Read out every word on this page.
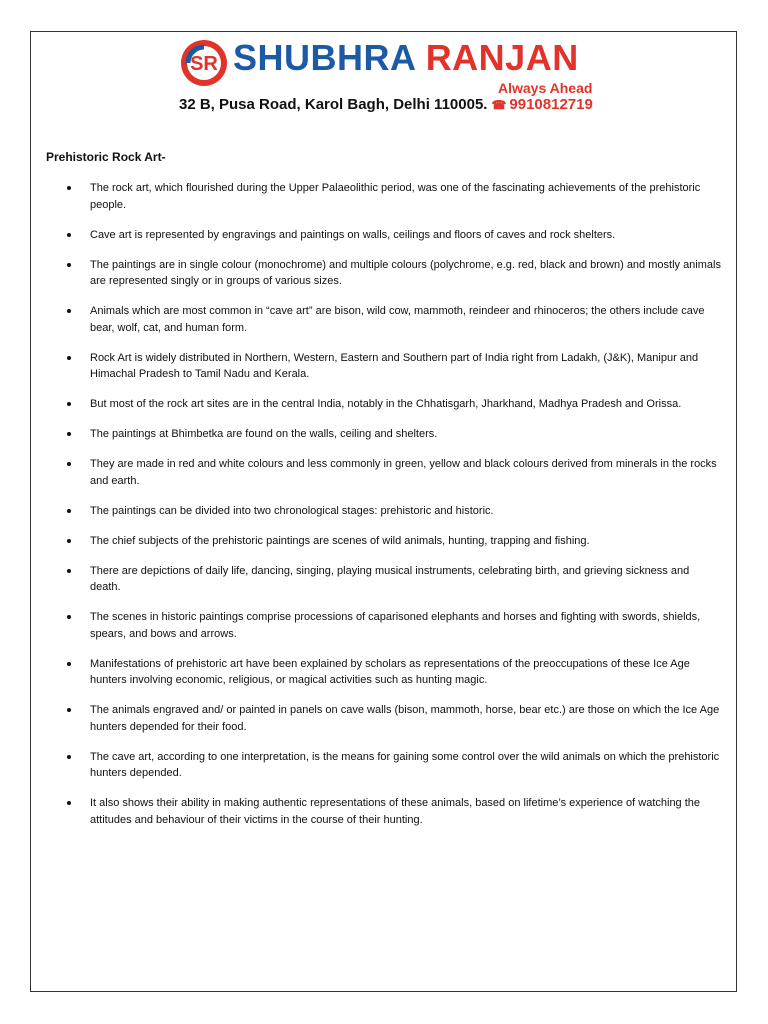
SR SHUBHRA RANJAN
Always Ahead
32 B, Pusa Road, Karol Bagh, Delhi 110005. ☎ 9910812719
Prehistoric Rock Art-
The rock art, which flourished during the Upper Palaeolithic period, was one of the fascinating achievements of the prehistoric people.
Cave art is represented by engravings and paintings on walls, ceilings and floors of caves and rock shelters.
The paintings are in single colour (monochrome) and multiple colours (polychrome, e.g. red, black and brown) and mostly animals are represented singly or in groups of various sizes.
Animals which are most common in “cave art” are bison, wild cow, mammoth, reindeer and rhinoceros; the others include cave bear, wolf, cat, and human form.
Rock Art is widely distributed in Northern, Western, Eastern and Southern part of India right from Ladakh, (J&K), Manipur and Himachal Pradesh to Tamil Nadu and Kerala.
But most of the rock art sites are in the central India, notably in the Chhatisgarh, Jharkhand, Madhya Pradesh and Orissa.
The paintings at Bhimbetka are found on the walls, ceiling and shelters.
They are made in red and white colours and less commonly in green, yellow and black colours derived from minerals in the rocks and earth.
The paintings can be divided into two chronological stages: prehistoric and historic.
The chief subjects of the prehistoric paintings are scenes of wild animals, hunting, trapping and fishing.
There are depictions of daily life, dancing, singing, playing musical instruments, celebrating birth, and grieving sickness and death.
The scenes in historic paintings comprise processions of caparisoned elephants and horses and fighting with swords, shields, spears, and bows and arrows.
Manifestations of prehistoric art have been explained by scholars as representations of the preoccupations of these Ice Age hunters involving economic, religious, or magical activities such as hunting magic.
The animals engraved and/ or painted in panels on cave walls (bison, mammoth, horse, bear etc.) are those on which the Ice Age hunters depended for their food.
The cave art, according to one interpretation, is the means for gaining some control over the wild animals on which the prehistoric hunters depended.
It also shows their ability in making authentic representations of these animals, based on lifetime’s experience of watching the attitudes and behaviour of their victims in the course of their hunting.
